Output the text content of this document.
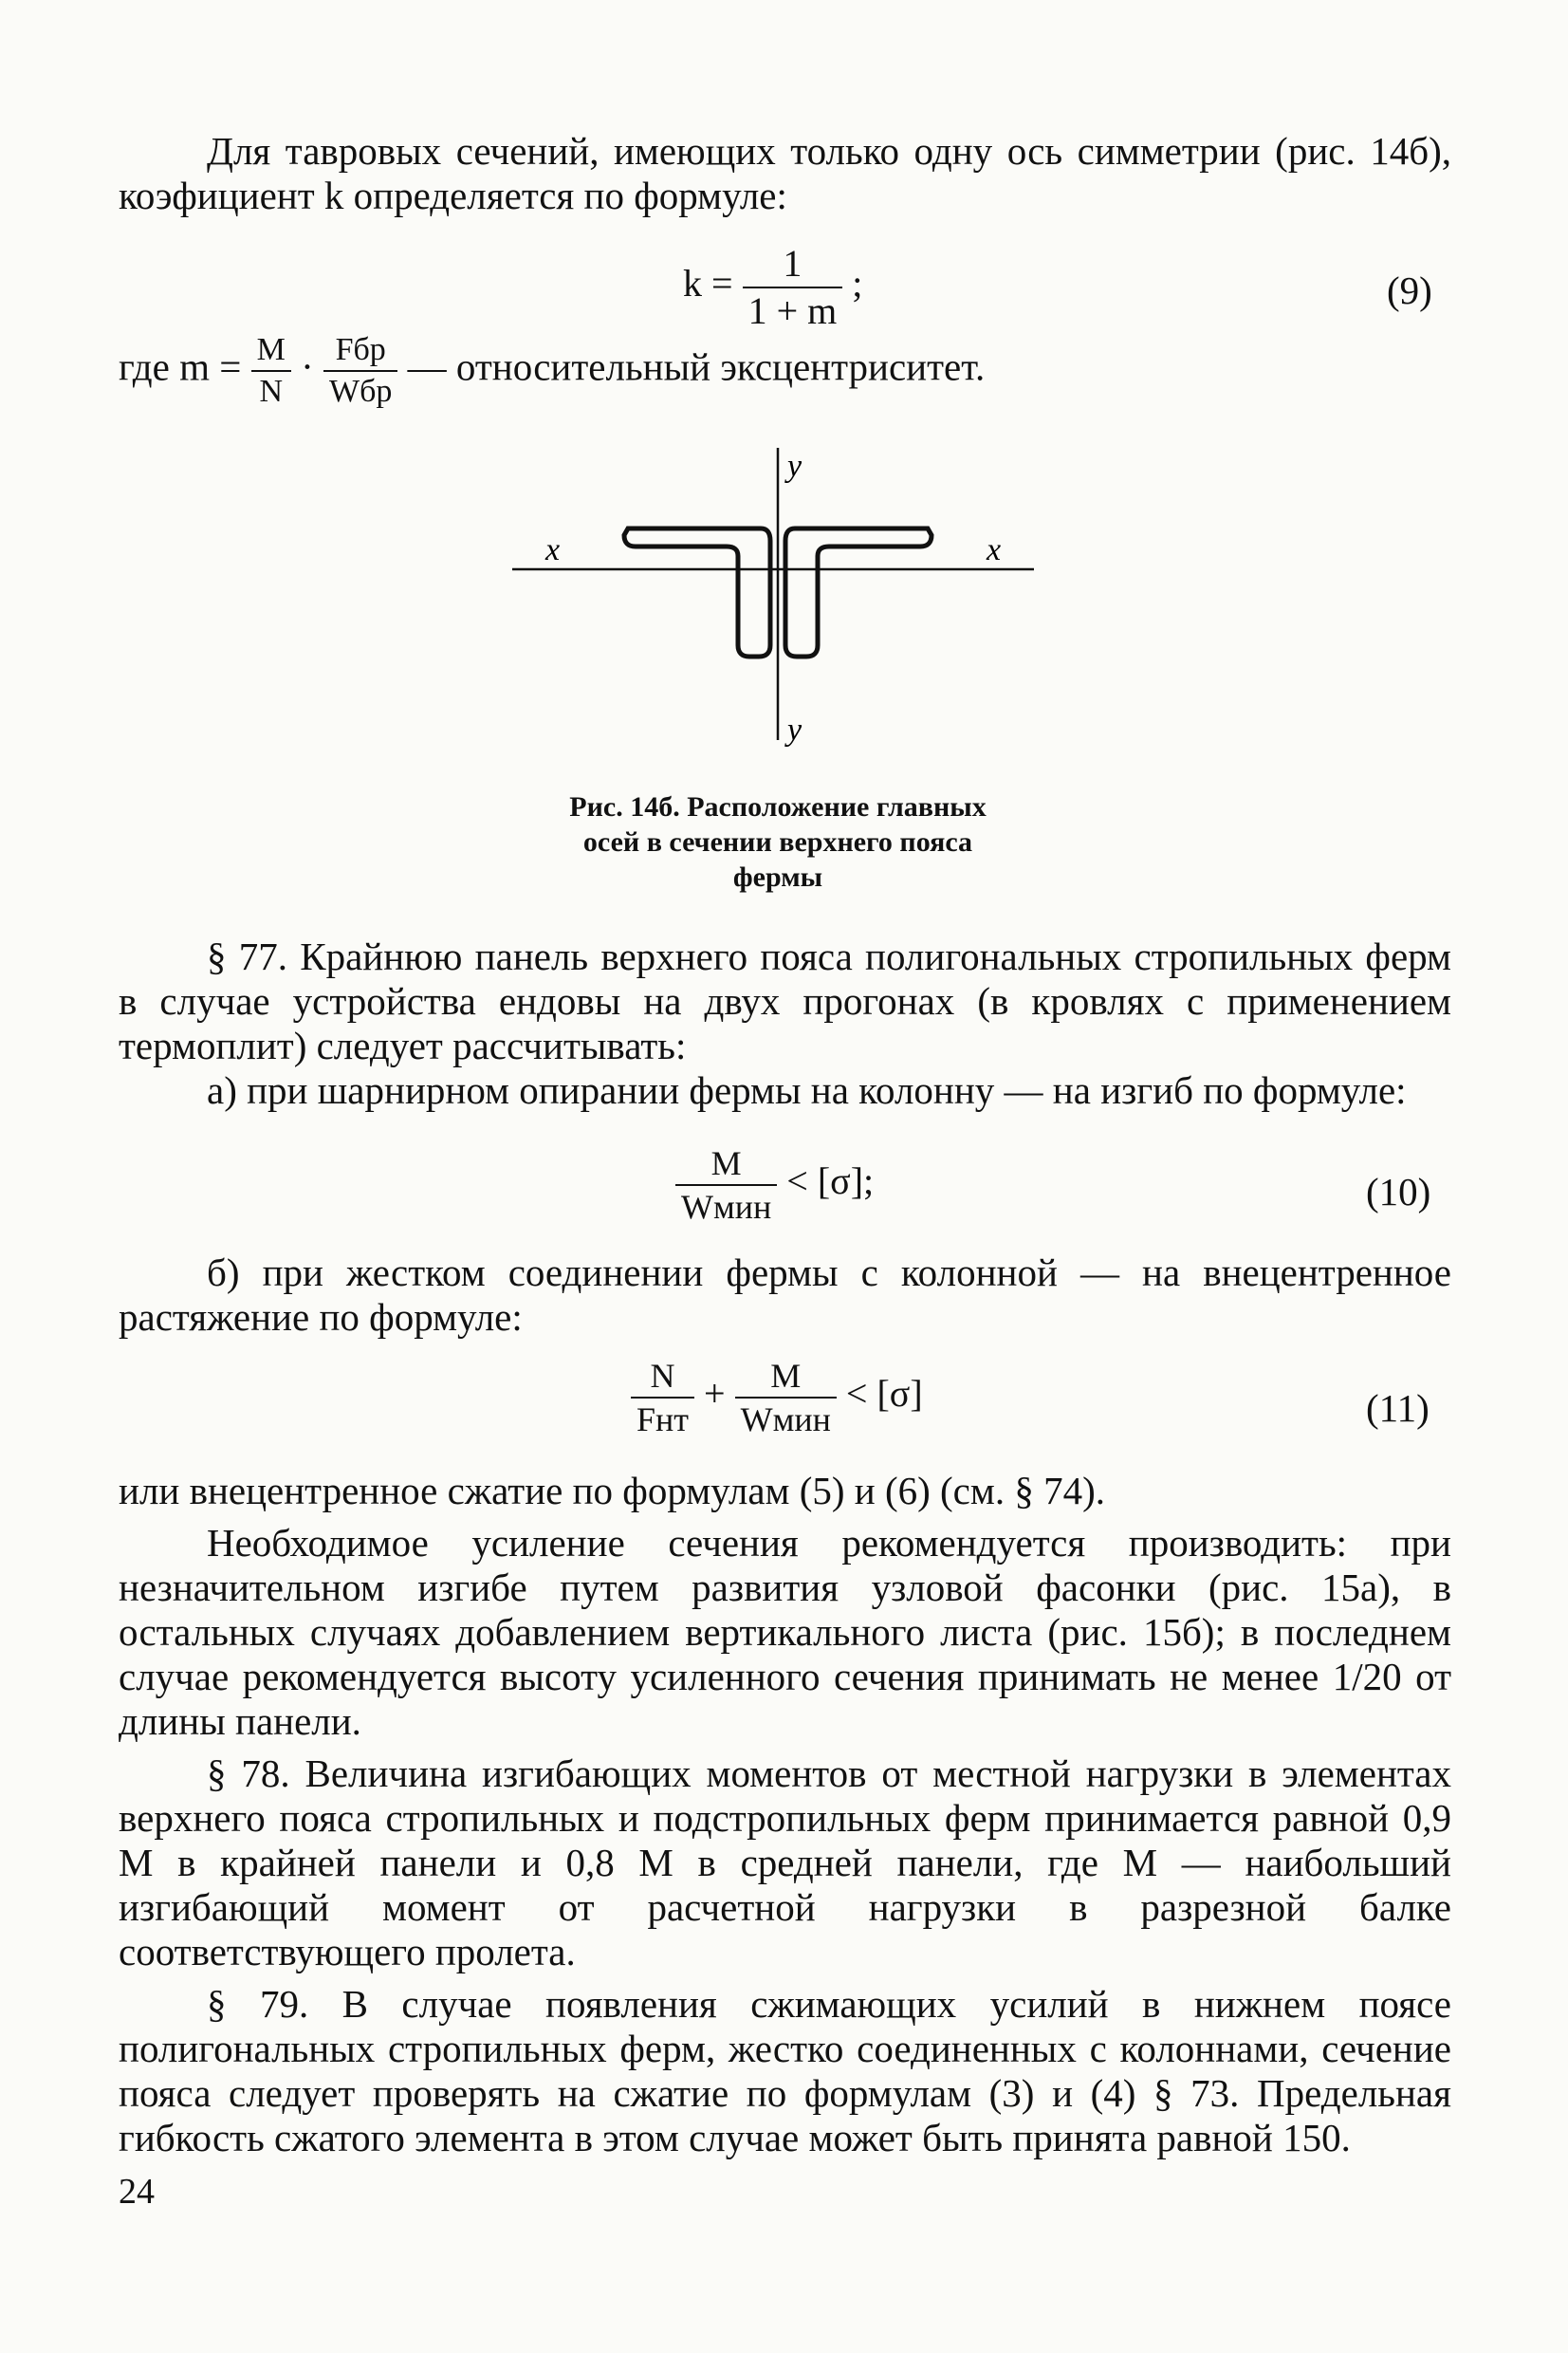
Для тавровых сечений, имеющих только одну ось симметрии (рис. 14б), коэфициент k определяется по формуле:

$k = \frac{1}{1 + m}$ ;	(9)
где $m = \frac{M}{N} \cdot \frac{\text{Fбр}}{\text{Wбр}}$ — относительный эксцентриситет.
x	x
y
y
Рис. 14б. Расположение главных
осей в сечении верхнего пояса
фермы

§ 77. Крайнюю панель верхнего пояса полигональных стропильных ферм в случае устройства ендовы на двух прогонах (в кровлях с применением термоплит) следует рассчитывать:

а) при шарнирном опирании фермы на колонну — на изгиб по формуле:

$\frac{M}{\text{Wмин}} < [\sigma]$;	(10)

б) при жестком соединении фермы с колонной — на внецентренное растяжение по формуле:

$\frac{N}{\text{Fнт}} + \frac{M}{\text{Wмин}} < [\sigma]$	(11)

или внецентренное сжатие по формулам (5) и (6) (см. § 74).

Необходимое усиление сечения рекомендуется производить: при незначительном изгибе путем развития узловой фасонки (рис. 15а), в остальных случаях добавлением вертикального листа (рис. 15б); в последнем случае рекомендуется высоту усиленного сечения принимать не менее 1/20 от длины панели.

§ 78. Величина изгибающих моментов от местной нагрузки в элементах верхнего пояса стропильных и подстропильных ферм принимается равной 0,9 M в крайней панели и 0,8 M в средней панели, где M — наибольший изгибающий момент от расчетной нагрузки в разрезной балке соответствующего пролета.

§ 79. В случае появления сжимающих усилий в нижнем поясе полигональных стропильных ферм, жестко соединенных с колоннами, сечение пояса следует проверять на сжатие по формулам (3) и (4) § 73. Предельная гибкость сжатого элемента в этом случае может быть принята равной 150.

24
